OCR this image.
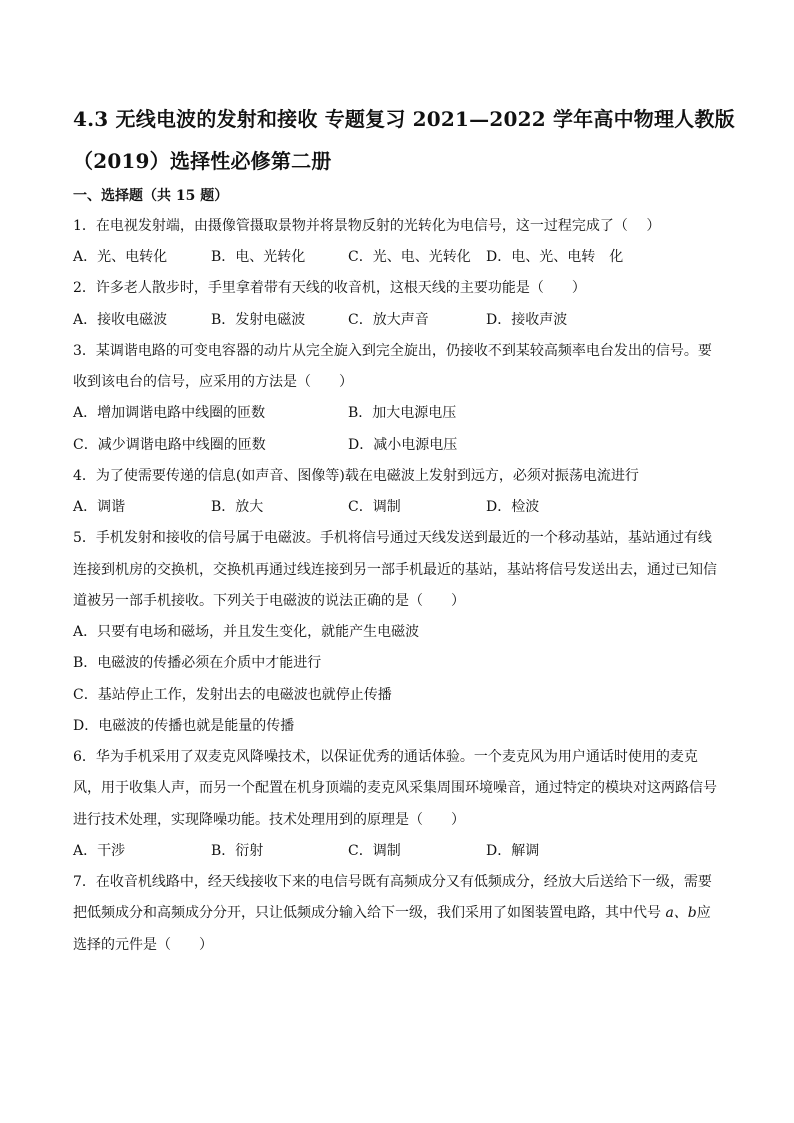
4.3 无线电波的发射和接收 专题复习 2021—2022 学年高中物理人教版
（2019）选择性必修第二册
一、选择题（共 15 题）
1．在电视发射端，由摄像管摄取景物并将景物反射的光转化为电信号，这一过程完成了（　 ）
A．光、电转化	B．电、光转化	C．光、电、光转化 D．电、光、电转　化
2．许多老人散步时，手里拿着带有天线的收音机，这根天线的主要功能是（　　）
A．接收电磁波	B．发射电磁波	C．放大声音	D．接收声波
3．某调谐电路的可变电容器的动片从完全旋入到完全旋出，仍接收不到某较高频率电台发出的信号。要
收到该电台的信号，应采用的方法是（　　）
A．增加调谐电路中线圈的匝数	B．加大电源电压
C．减少调谐电路中线圈的匝数	D．减小电源电压
4．为了使需要传递的信息(如声音、图像等)载在电磁波上发射到远方，必须对振荡电流进行
A．调谐	B．放大	C．调制	D．检波
5．手机发射和接收的信号属于电磁波。手机将信号通过天线发送到最近的一个移动基站，基站通过有线
连接到机房的交换机，交换机再通过线连接到另一部手机最近的基站，基站将信号发送出去，通过已知信
道被另一部手机接收。下列关于电磁波的说法正确的是（　　）
A．只要有电场和磁场，并且发生变化，就能产生电磁波
B．电磁波的传播必须在介质中才能进行
C．基站停止工作，发射出去的电磁波也就停止传播
D．电磁波的传播也就是能量的传播
6．华为手机采用了双麦克风降噪技术，以保证优秀的通话体验。一个麦克风为用户通话时使用的麦克
风，用于收集人声，而另一个配置在机身顶端的麦克风采集周围环境噪音，通过特定的模块对这两路信号
进行技术处理，实现降噪功能。技术处理用到的原理是（　　）
A．干涉	B．衍射	C．调制	D．解调
7．在收音机线路中，经天线接收下来的电信号既有高频成分又有低频成分，经放大后送给下一级，需要
把低频成分和高频成分分开，只让低频成分输入给下一级，我们采用了如图装置电路，其中代号 a、b应
选择的元件是（　　）
